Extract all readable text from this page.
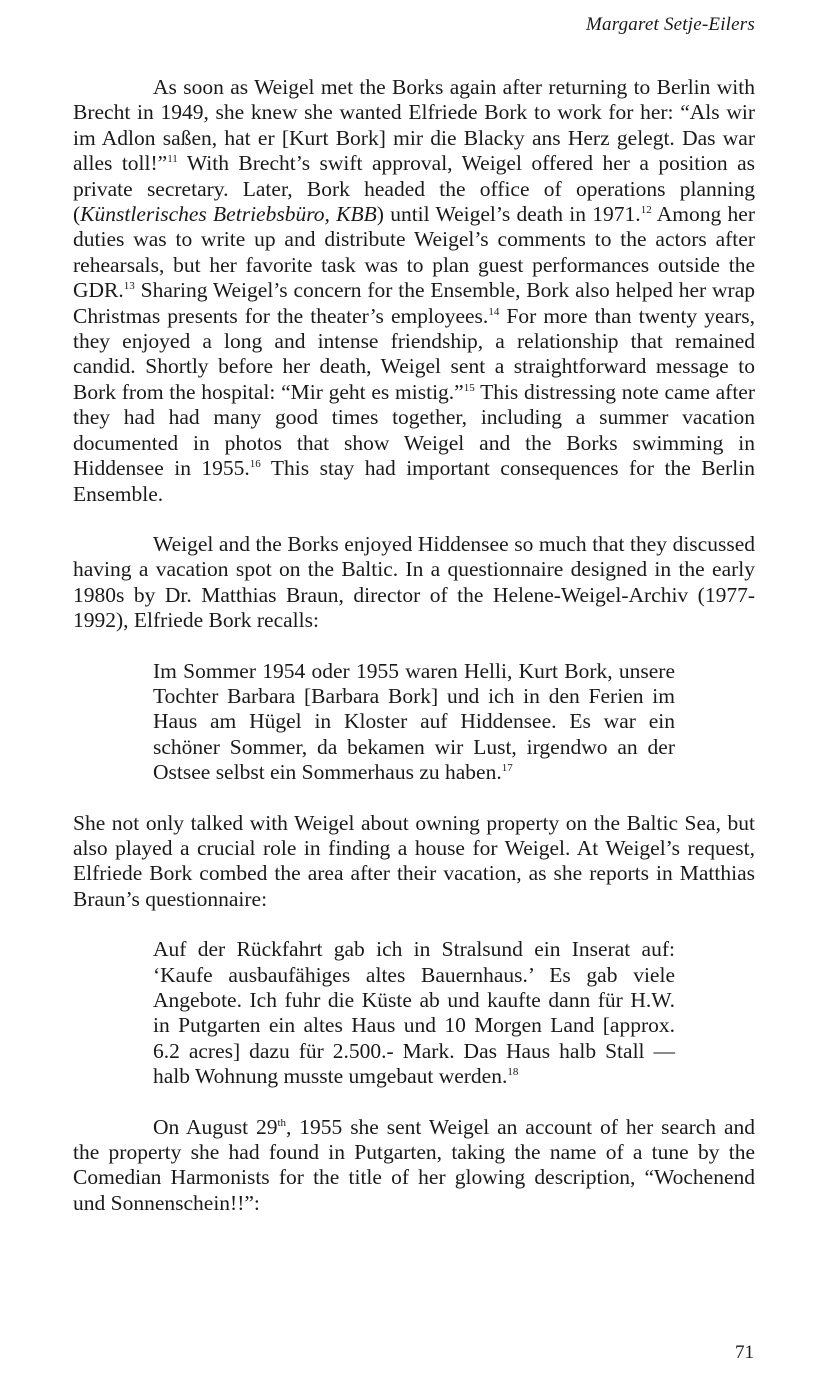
Margaret Setje-Eilers

As soon as Weigel met the Borks again after returning to Berlin with Brecht in 1949, she knew she wanted Elfriede Bork to work for her: “Als wir im Adlon saßen, hat er [Kurt Bork] mir die Blacky ans Herz gelegt. Das war alles toll!”$^{11}$ With Brecht’s swift approval, Weigel offered her a position as private secretary. Later, Bork headed the office of operations planning (Künstlerisches Betriebsbüro, KBB) until Weigel’s death in 1971.12 Among her duties was to write up and distribute Weigel’s comments to the actors after rehearsals, but her favorite task was to plan guest performances outside the GDR.$^{13}$ Sharing Weigel’s concern for the Ensemble, Bork also helped her wrap Christmas presents for the theater’s employees.$^{14}$ For more than twenty years, they enjoyed a long and intense friendship, a relationship that remained candid. Shortly before her death, Weigel sent a straightforward message to Bork from the hospital: “Mir geht es mistig.”$^{15}$ This distressing note came after they had had many good times together, including a summer vacation documented in photos that show Weigel and the Borks swimming in Hiddensee in 1955.16 This stay had important consequences for the Berlin Ensemble.

Weigel and the Borks enjoyed Hiddensee so much that they discussed having a vacation spot on the Baltic. In a questionnaire designed in the early 1980s by Dr. Matthias Braun, director of the Helene-Weigel-Archiv (1977-1992), Elfriede Bork recalls:

Im Sommer 1954 oder 1955 waren Helli, Kurt Bork, unsere Tochter Barbara [Barbara Bork] und ich in den Ferien im Haus am Hügel in Kloster auf Hiddensee. Es war ein schöner Sommer, da bekamen wir Lust, irgendwo an der Ostsee selbst ein Sommerhaus zu haben.$^{17}$

She not only talked with Weigel about owning property on the Baltic Sea, but also played a crucial role in finding a house for Weigel. At Weigel’s request, Elfriede Bork combed the area after their vacation, as she reports in Matthias Braun’s questionnaire:

Auf der Rückfahrt gab ich in Stralsund ein Inserat auf: ‘Kaufe ausbaufähiges altes Bauernhaus.’ Es gab viele Angebote. Ich fuhr die Küste ab und kaufte dann für H.W. in Putgarten ein altes Haus und 10 Morgen Land [approx. 6.2 acres] dazu für 2.500.- Mark. Das Haus halb Stall — halb Wohnung musste umgebaut werden.$^{18}$

On August 29th, 1955 she sent Weigel an account of her search and the property she had found in Putgarten, taking the name of a tune by the Comedian Harmonists for the title of her glowing description, “Wochenend und Sonnenschein!!”:

71
